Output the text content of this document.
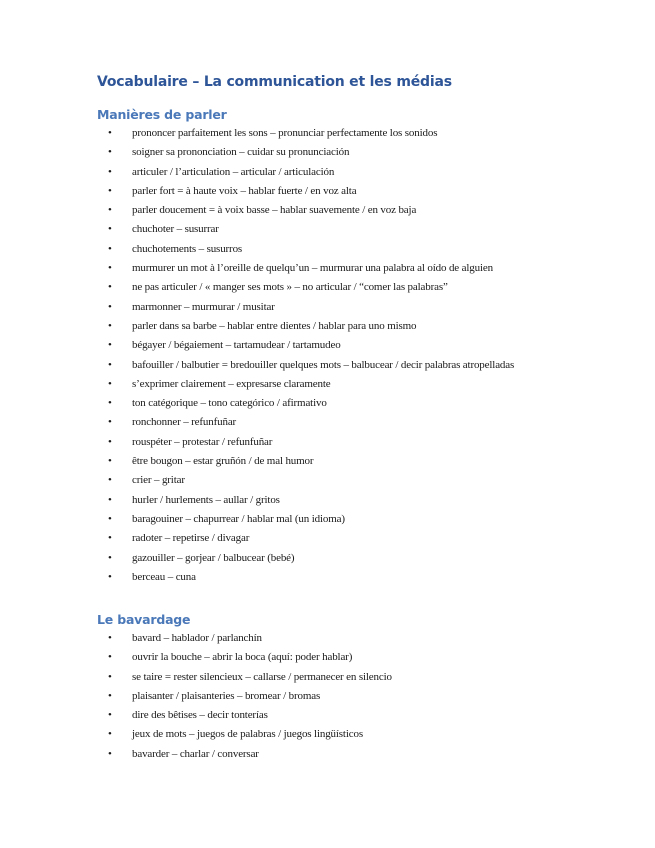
Vocabulaire – La communication et les médias
Manières de parler
• prononcer parfaitement les sons – pronunciar perfectamente los sonidos
• soigner sa prononciation – cuidar su pronunciación
• articuler / l’articulation – articular / articulación
• parler fort = à haute voix – hablar fuerte / en voz alta
• parler doucement = à voix basse – hablar suavemente / en voz baja
• chuchoter – susurrar
• chuchotements – susurros
• murmurer un mot à l’oreille de quelqu’un – murmurar una palabra al oído de alguien
• ne pas articuler / « manger ses mots » – no articular / “comer las palabras”
• marmonner – murmurar / musitar
• parler dans sa barbe – hablar entre dientes / hablar para uno mismo
• bégayer / bégaiement – tartamudear / tartamudeo
• bafouiller / balbutier = bredouiller quelques mots – balbucear / decir palabras atropelladas
• s’exprimer clairement – expresarse claramente
• ton catégorique – tono categórico / afirmativo
• ronchonner – refunfuñar
• rouspéter – protestar / refunfuñar
• être bougon – estar gruñón / de mal humor
• crier – gritar
• hurler / hurlements – aullar / gritos
• baragouiner – chapurrear / hablar mal (un idioma)
• radoter – repetirse / divagar
• gazouiller – gorjear / balbucear (bebé)
• berceau – cuna
Le bavardage
• bavard – hablador / parlanchín
• ouvrir la bouche – abrir la boca (aquí: poder hablar)
• se taire = rester silencieux – callarse / permanecer en silencio
• plaisanter / plaisanteries – bromear / bromas
• dire des bêtises – decir tonterías
• jeux de mots – juegos de palabras / juegos lingüísticos
• bavarder – charlar / conversar
